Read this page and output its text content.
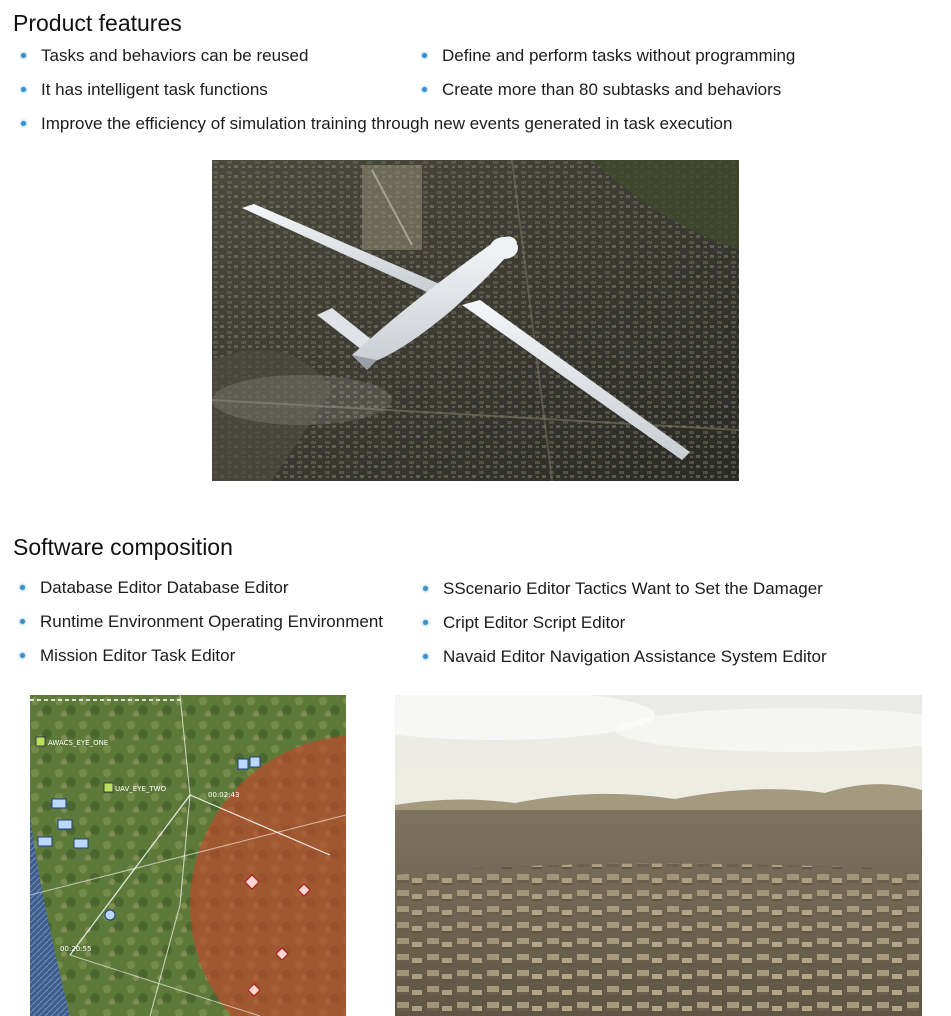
Product features
Tasks and behaviors can be reused	Define and perform tasks without programming
It has intelligent task functions	Create more than 80 subtasks and behaviors
Improve the efficiency of simulation training through new events generated in task execution
Software composition
Database Editor Database Editor	SScenario Editor Tactics Want to Set the Damager
Runtime Environment Operating Environment	Cript Editor Script Editor
Mission Editor Task Editor	Navaid Editor Navigation Assistance System Editor
AWACS_EYE_ONE
UAV_EYE_TWO
00:02:43
00:20:55
